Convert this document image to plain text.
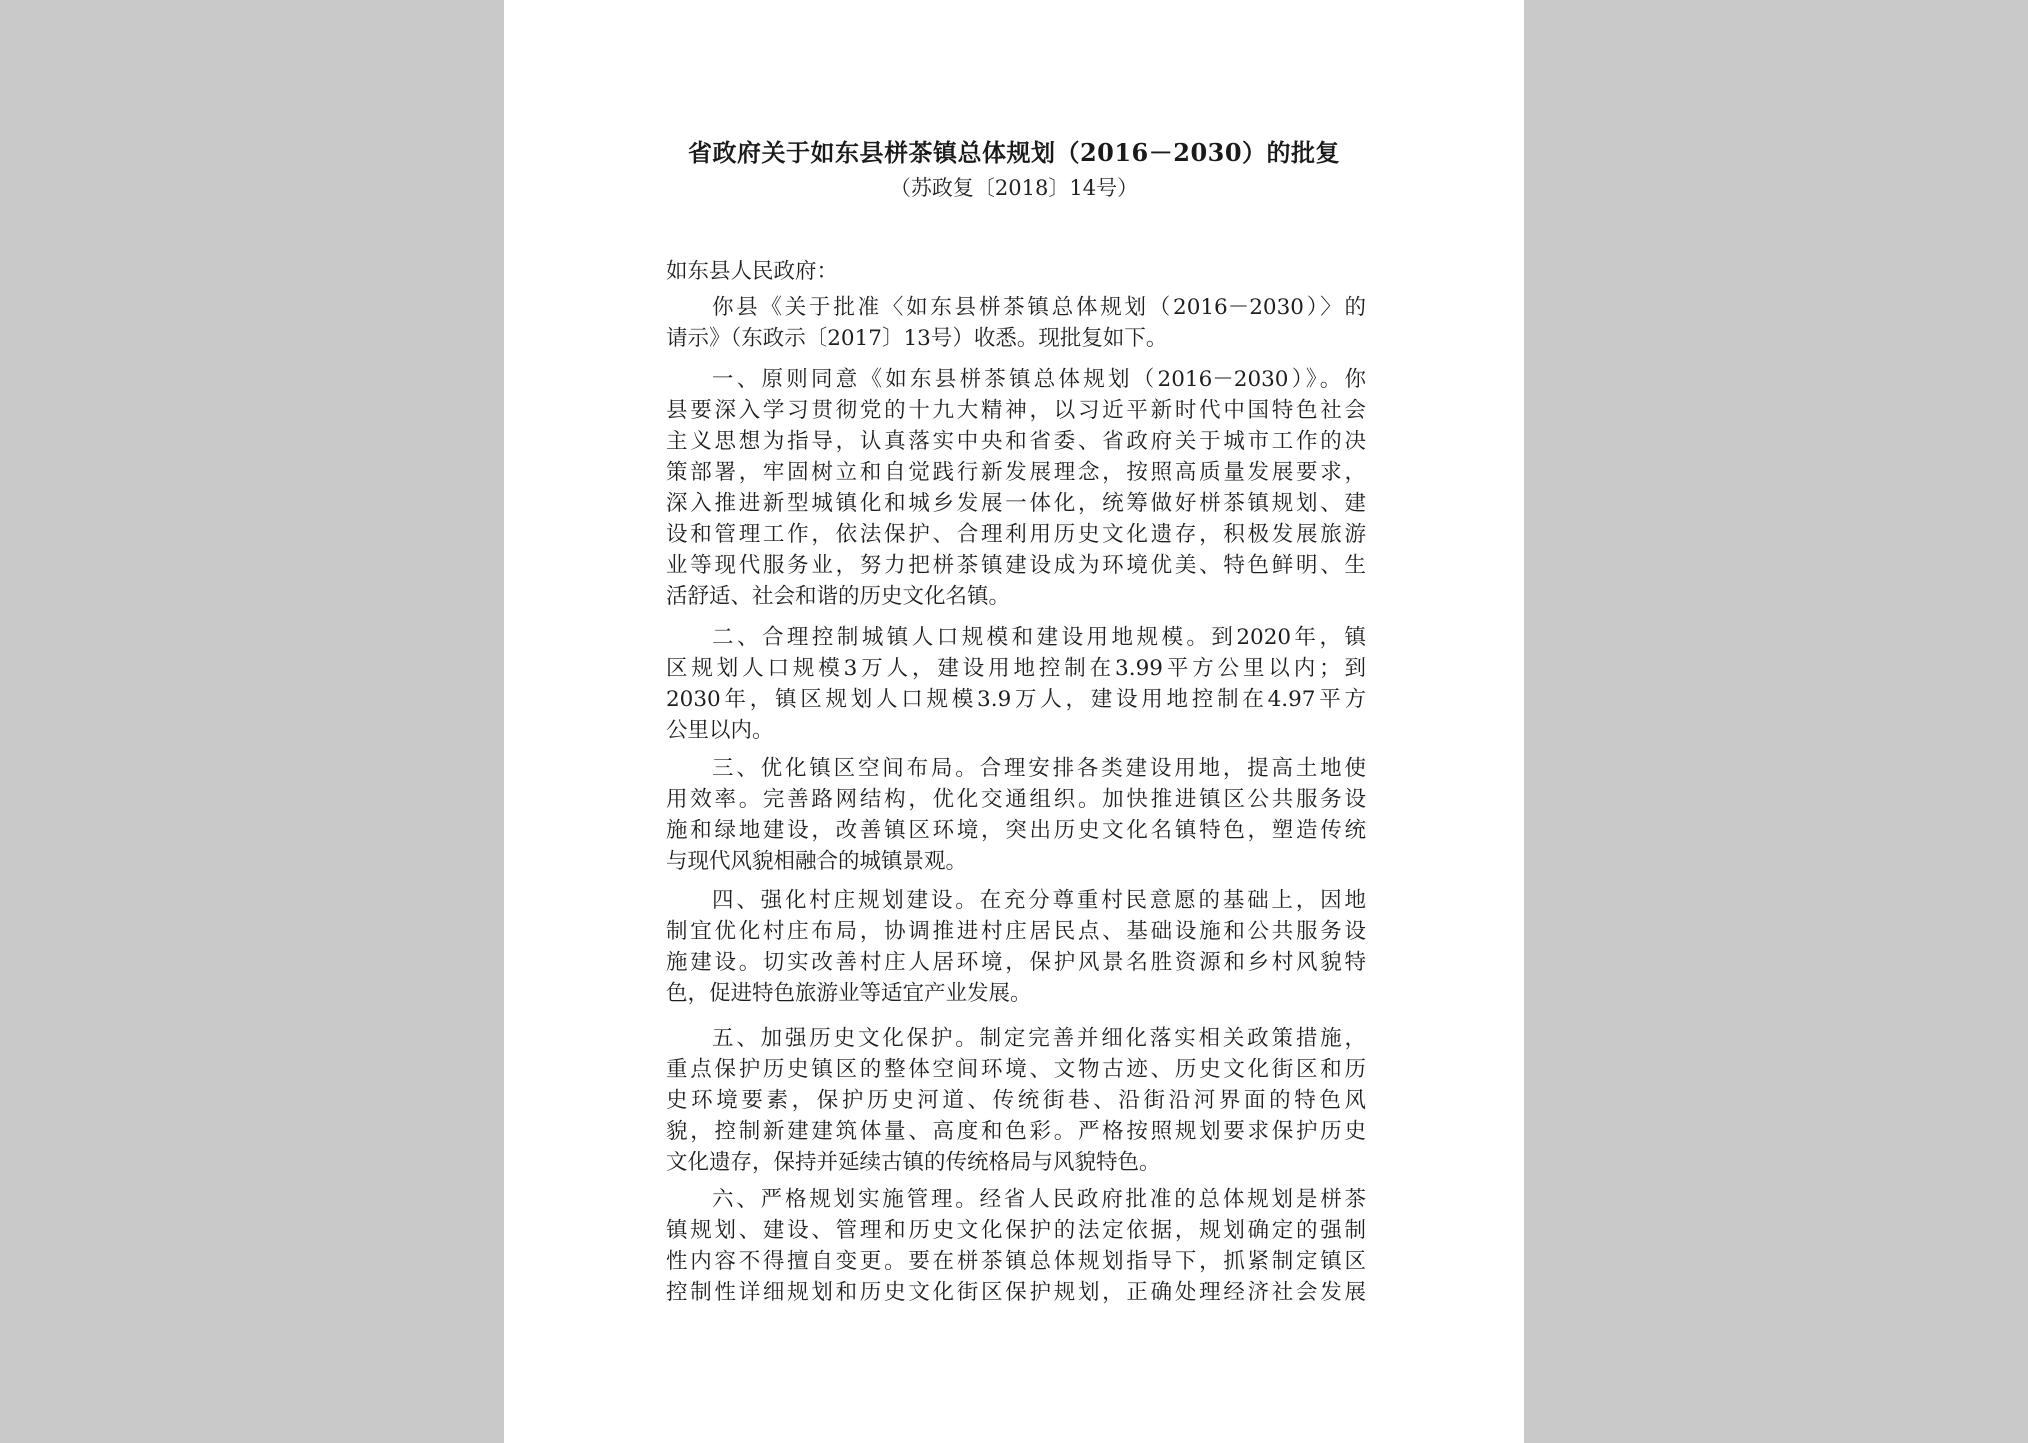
省政府关于如东县栟茶镇总体规划（2016－2030）的批复
（苏政复〔2018〕14号）
如东县人民政府：
你县《关于批准〈如东县栟茶镇总体规划（2016－2030）〉的
请示》（东政示〔2017〕13号）收悉。现批复如下。
一、原则同意《如东县栟茶镇总体规划（2016－2030）》。你
县要深入学习贯彻党的十九大精神，以习近平新时代中国特色社会
主义思想为指导，认真落实中央和省委、省政府关于城市工作的决
策部署，牢固树立和自觉践行新发展理念，按照高质量发展要求，
深入推进新型城镇化和城乡发展一体化，统筹做好栟茶镇规划、建
设和管理工作，依法保护、合理利用历史文化遗存，积极发展旅游
业等现代服务业，努力把栟茶镇建设成为环境优美、特色鲜明、生
活舒适、社会和谐的历史文化名镇。
二、合理控制城镇人口规模和建设用地规模。到2020年，镇
区规划人口规模3万人，建设用地控制在3.99平方公里以内；到
2030年，镇区规划人口规模3.9万人，建设用地控制在4.97平方
公里以内。
三、优化镇区空间布局。合理安排各类建设用地，提高土地使
用效率。完善路网结构，优化交通组织。加快推进镇区公共服务设
施和绿地建设，改善镇区环境，突出历史文化名镇特色，塑造传统
与现代风貌相融合的城镇景观。
四、强化村庄规划建设。在充分尊重村民意愿的基础上，因地
制宜优化村庄布局，协调推进村庄居民点、基础设施和公共服务设
施建设。切实改善村庄人居环境，保护风景名胜资源和乡村风貌特
色，促进特色旅游业等适宜产业发展。
五、加强历史文化保护。制定完善并细化落实相关政策措施，
重点保护历史镇区的整体空间环境、文物古迹、历史文化街区和历
史环境要素，保护历史河道、传统街巷、沿街沿河界面的特色风
貌，控制新建建筑体量、高度和色彩。严格按照规划要求保护历史
文化遗存，保持并延续古镇的传统格局与风貌特色。
六、严格规划实施管理。经省人民政府批准的总体规划是栟茶
镇规划、建设、管理和历史文化保护的法定依据，规划确定的强制
性内容不得擅自变更。要在栟茶镇总体规划指导下，抓紧制定镇区
控制性详细规划和历史文化街区保护规划，正确处理经济社会发展
